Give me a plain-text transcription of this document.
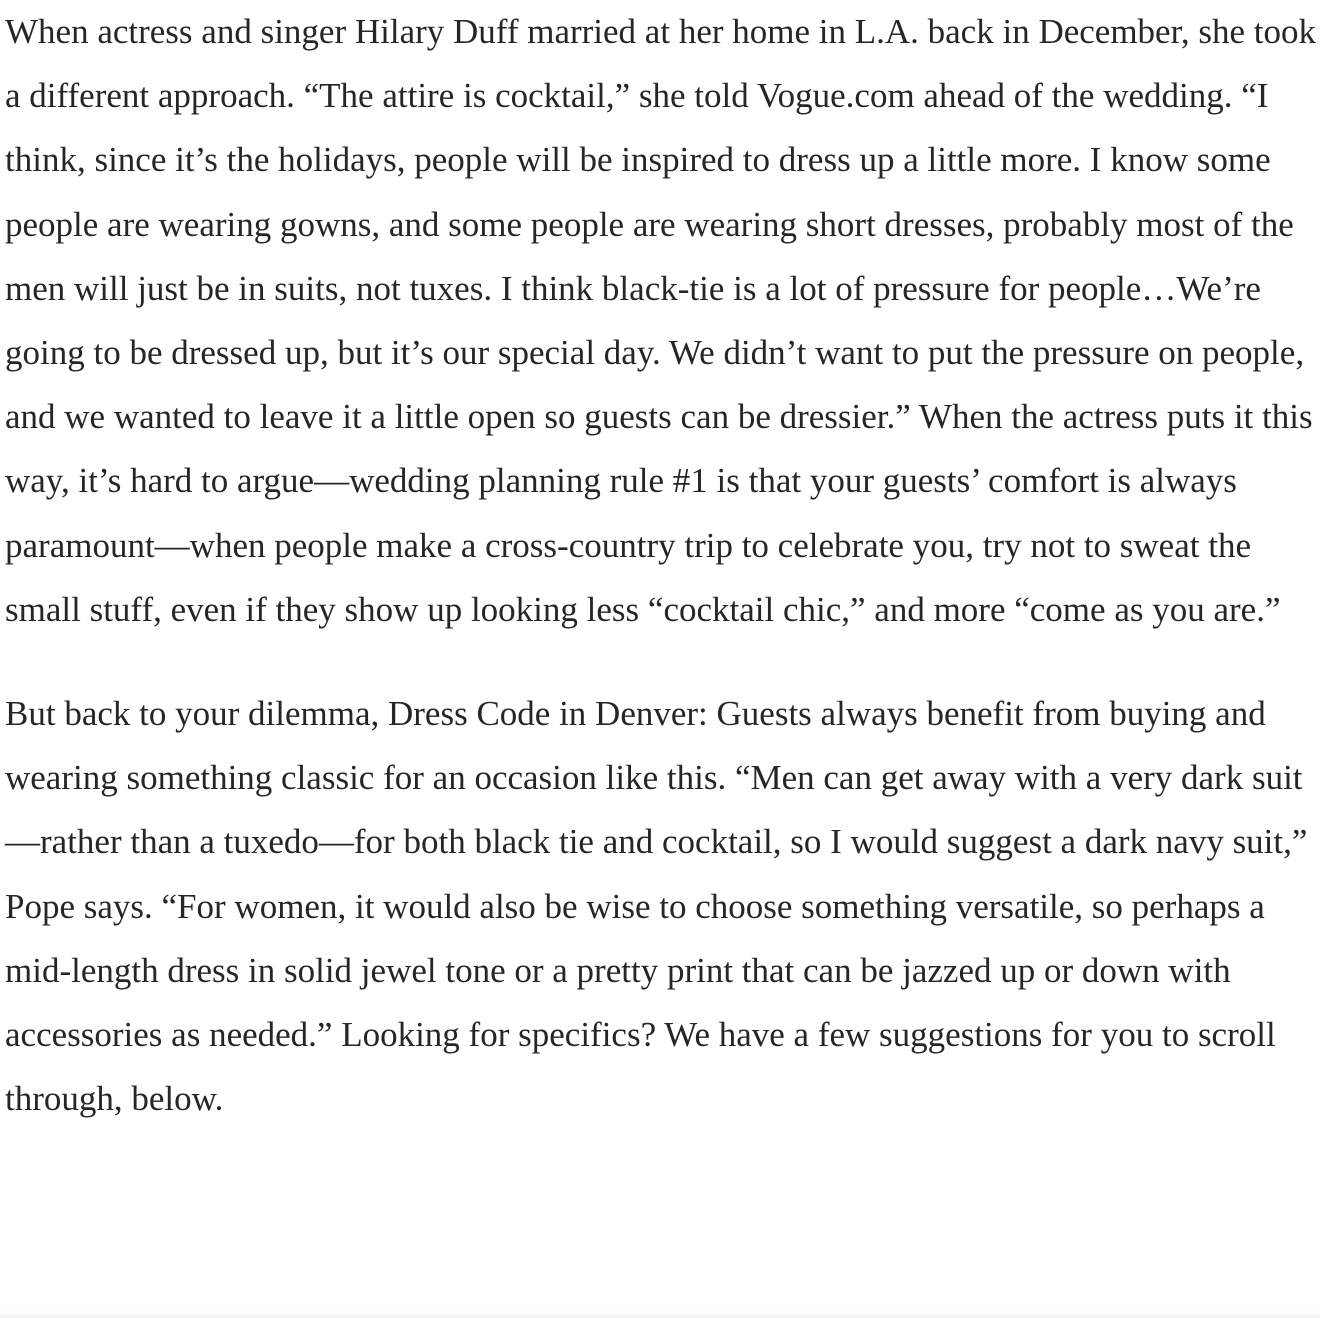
When actress and singer Hilary Duff married at her home in L.A. back in December, she took a different approach. “The attire is cocktail,” she told Vogue.com ahead of the wedding. “I think, since it’s the holidays, people will be inspired to dress up a little more. I know some people are wearing gowns, and some people are wearing short dresses, probably most of the men will just be in suits, not tuxes. I think black-tie is a lot of pressure for people…We’re going to be dressed up, but it’s our special day. We didn’t want to put the pressure on people, and we wanted to leave it a little open so guests can be dressier.” When the actress puts it this way, it’s hard to argue—wedding planning rule #1 is that your guests’ comfort is always paramount—when people make a cross-country trip to celebrate you, try not to sweat the small stuff, even if they show up looking less “cocktail chic,” and more “come as you are.”

But back to your dilemma, Dress Code in Denver: Guests always benefit from buying and wearing something classic for an occasion like this. “Men can get away with a very dark suit—rather than a tuxedo—for both black tie and cocktail, so I would suggest a dark navy suit,” Pope says. “For women, it would also be wise to choose something versatile, so perhaps a mid-length dress in solid jewel tone or a pretty print that can be jazzed up or down with accessories as needed.” Looking for specifics? We have a few suggestions for you to scroll through, below.
